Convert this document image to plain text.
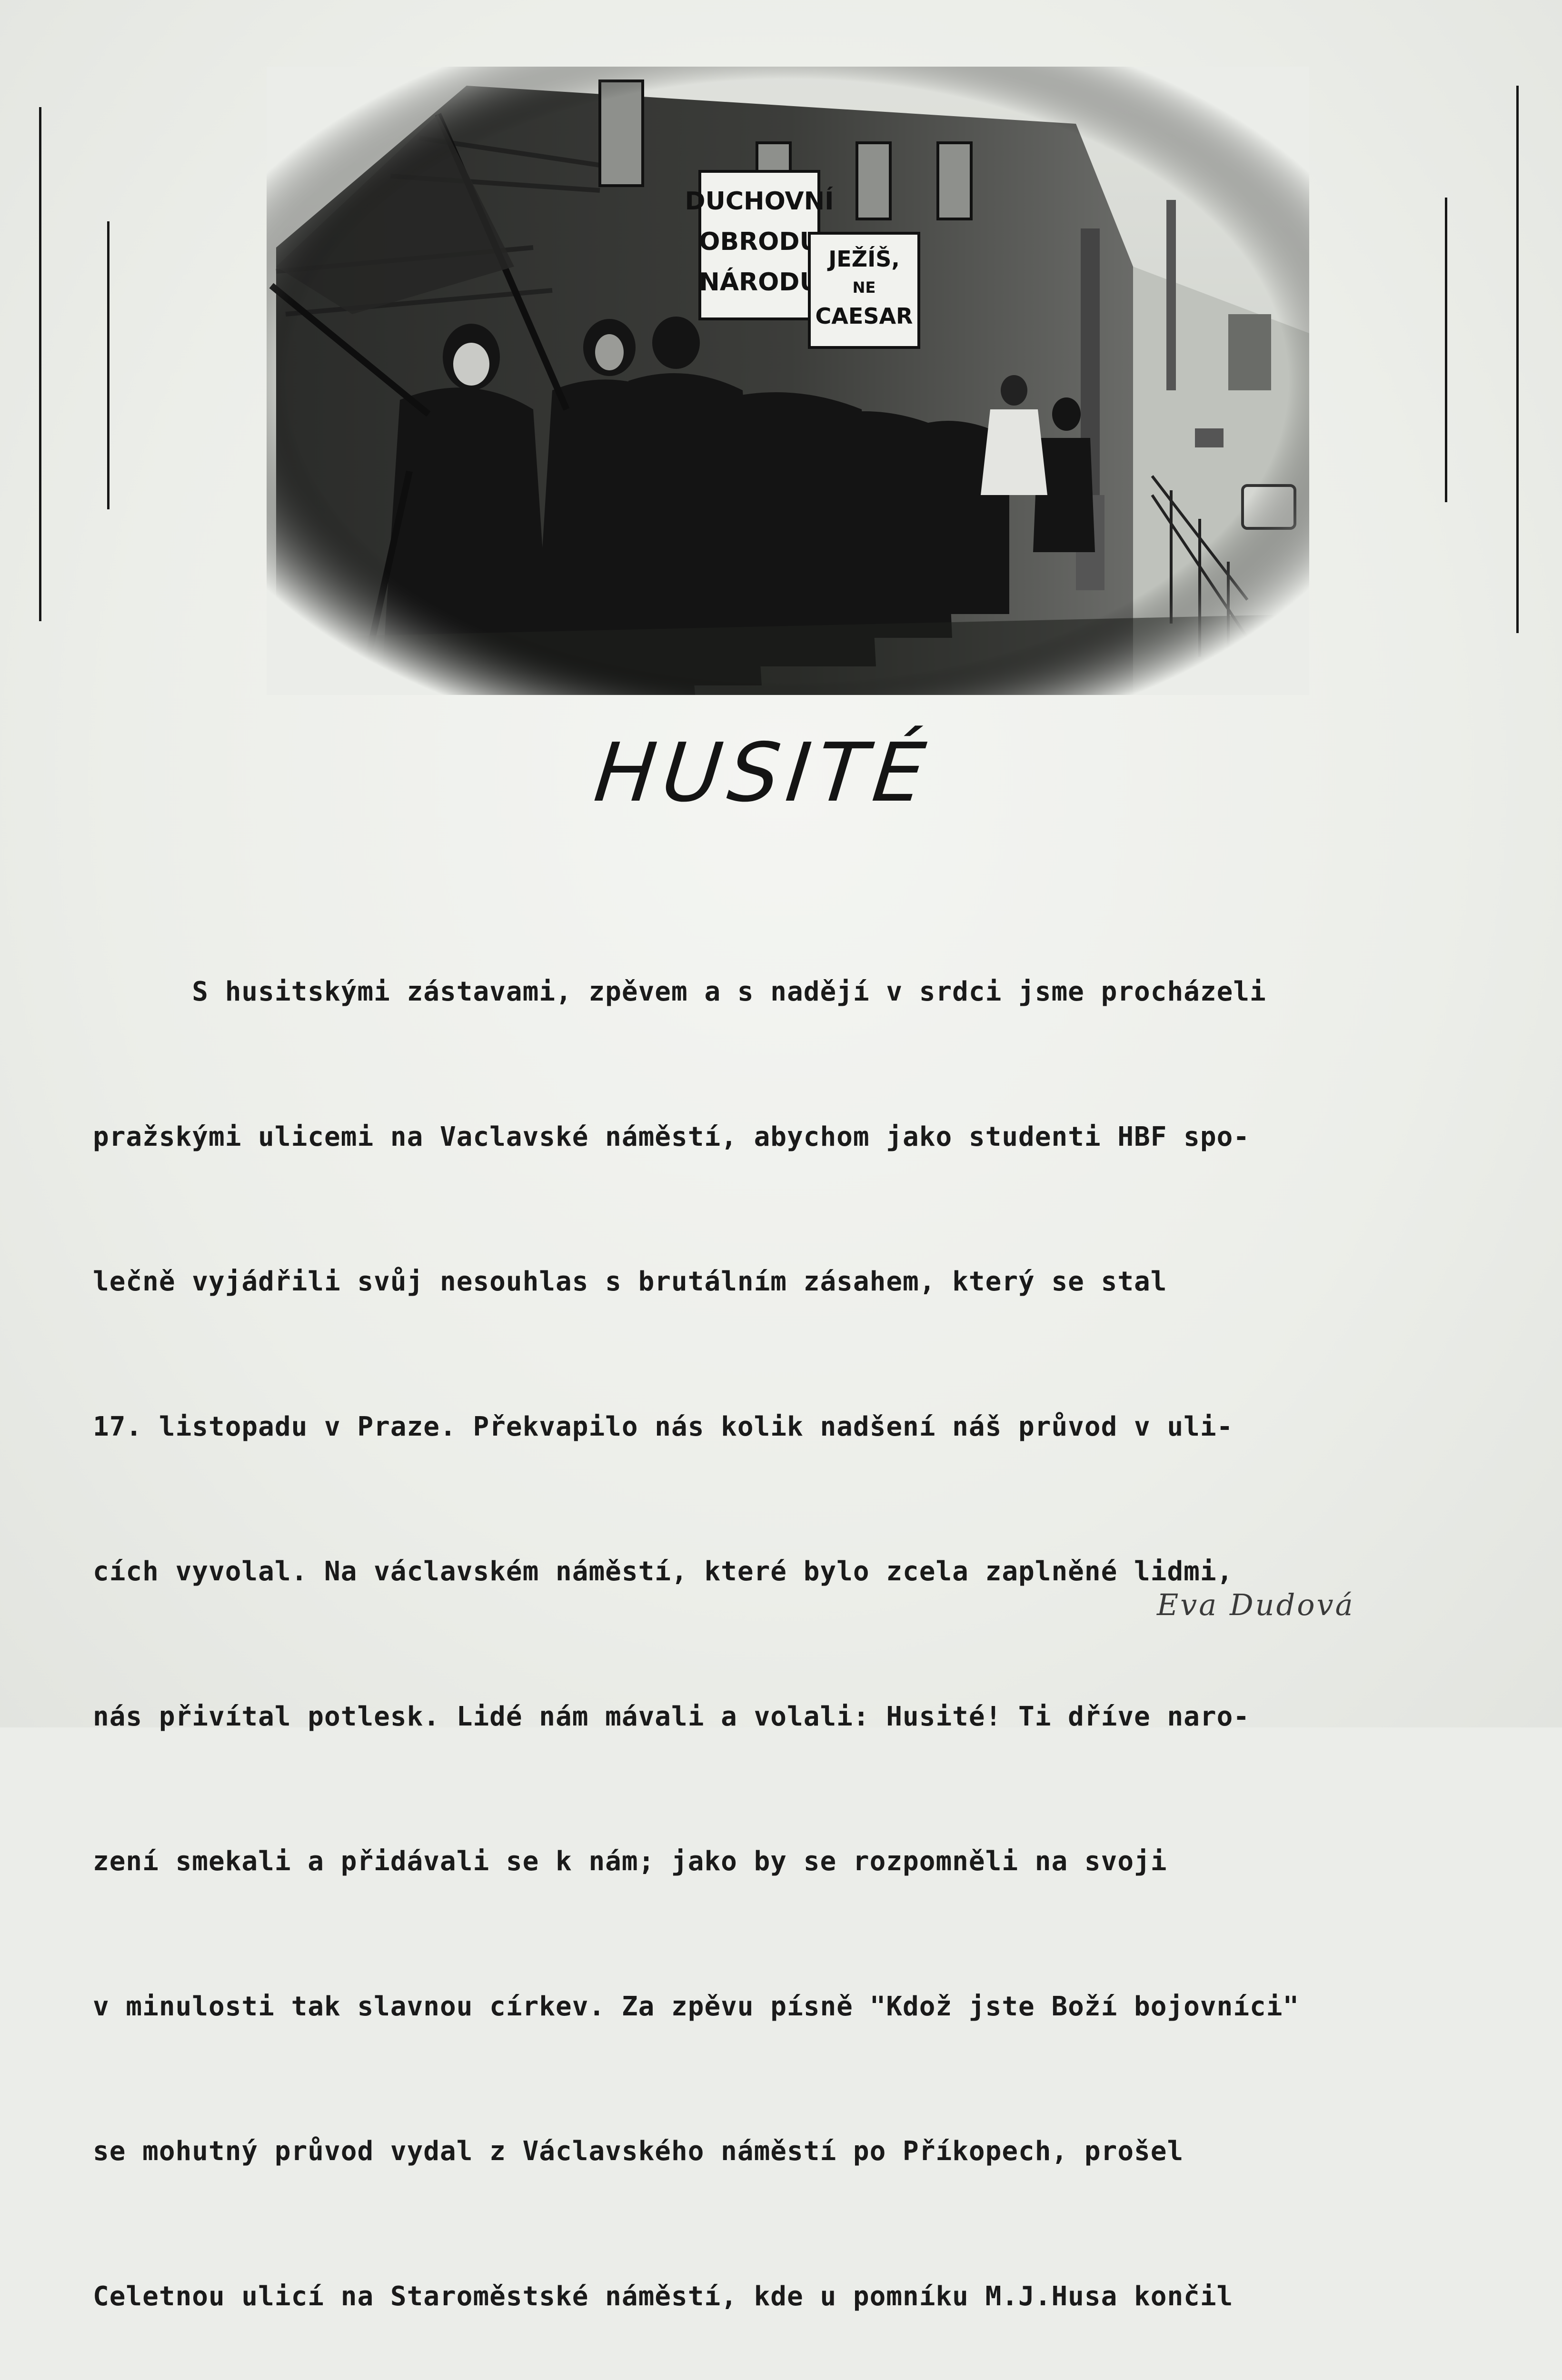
HUSITÉ

S husitskými zástavami, zpěvem a s nadějí v srdci jsme procházeli

pražskými ulicemi na Vaclavské náměstí, abychom jako studenti HBF spo-

lečně vyjádřili svůj nesouhlas s brutálním zásahem, který se stal

17. listopadu v Praze. Překvapilo nás kolik nadšení náš průvod v uli-

cích vyvolal. Na václavském náměstí, které bylo zcela zaplněné lidmi,

nás přivítal potlesk. Lidé nám mávali a volali: Husité! Ti dříve naro-

zení smekali a přidávali se k nám; jako by se rozpomněli na svoji

v minulosti tak slavnou církev. Za zpěvu písně "Kdož jste Boží bojovníci"

se mohutný průvod vydal z Václavského náměstí po Příkopech, prošel

Celetnou ulicí na Staroměstské náměstí, kde u pomníku M.J.Husa končil

Eva Dudová
